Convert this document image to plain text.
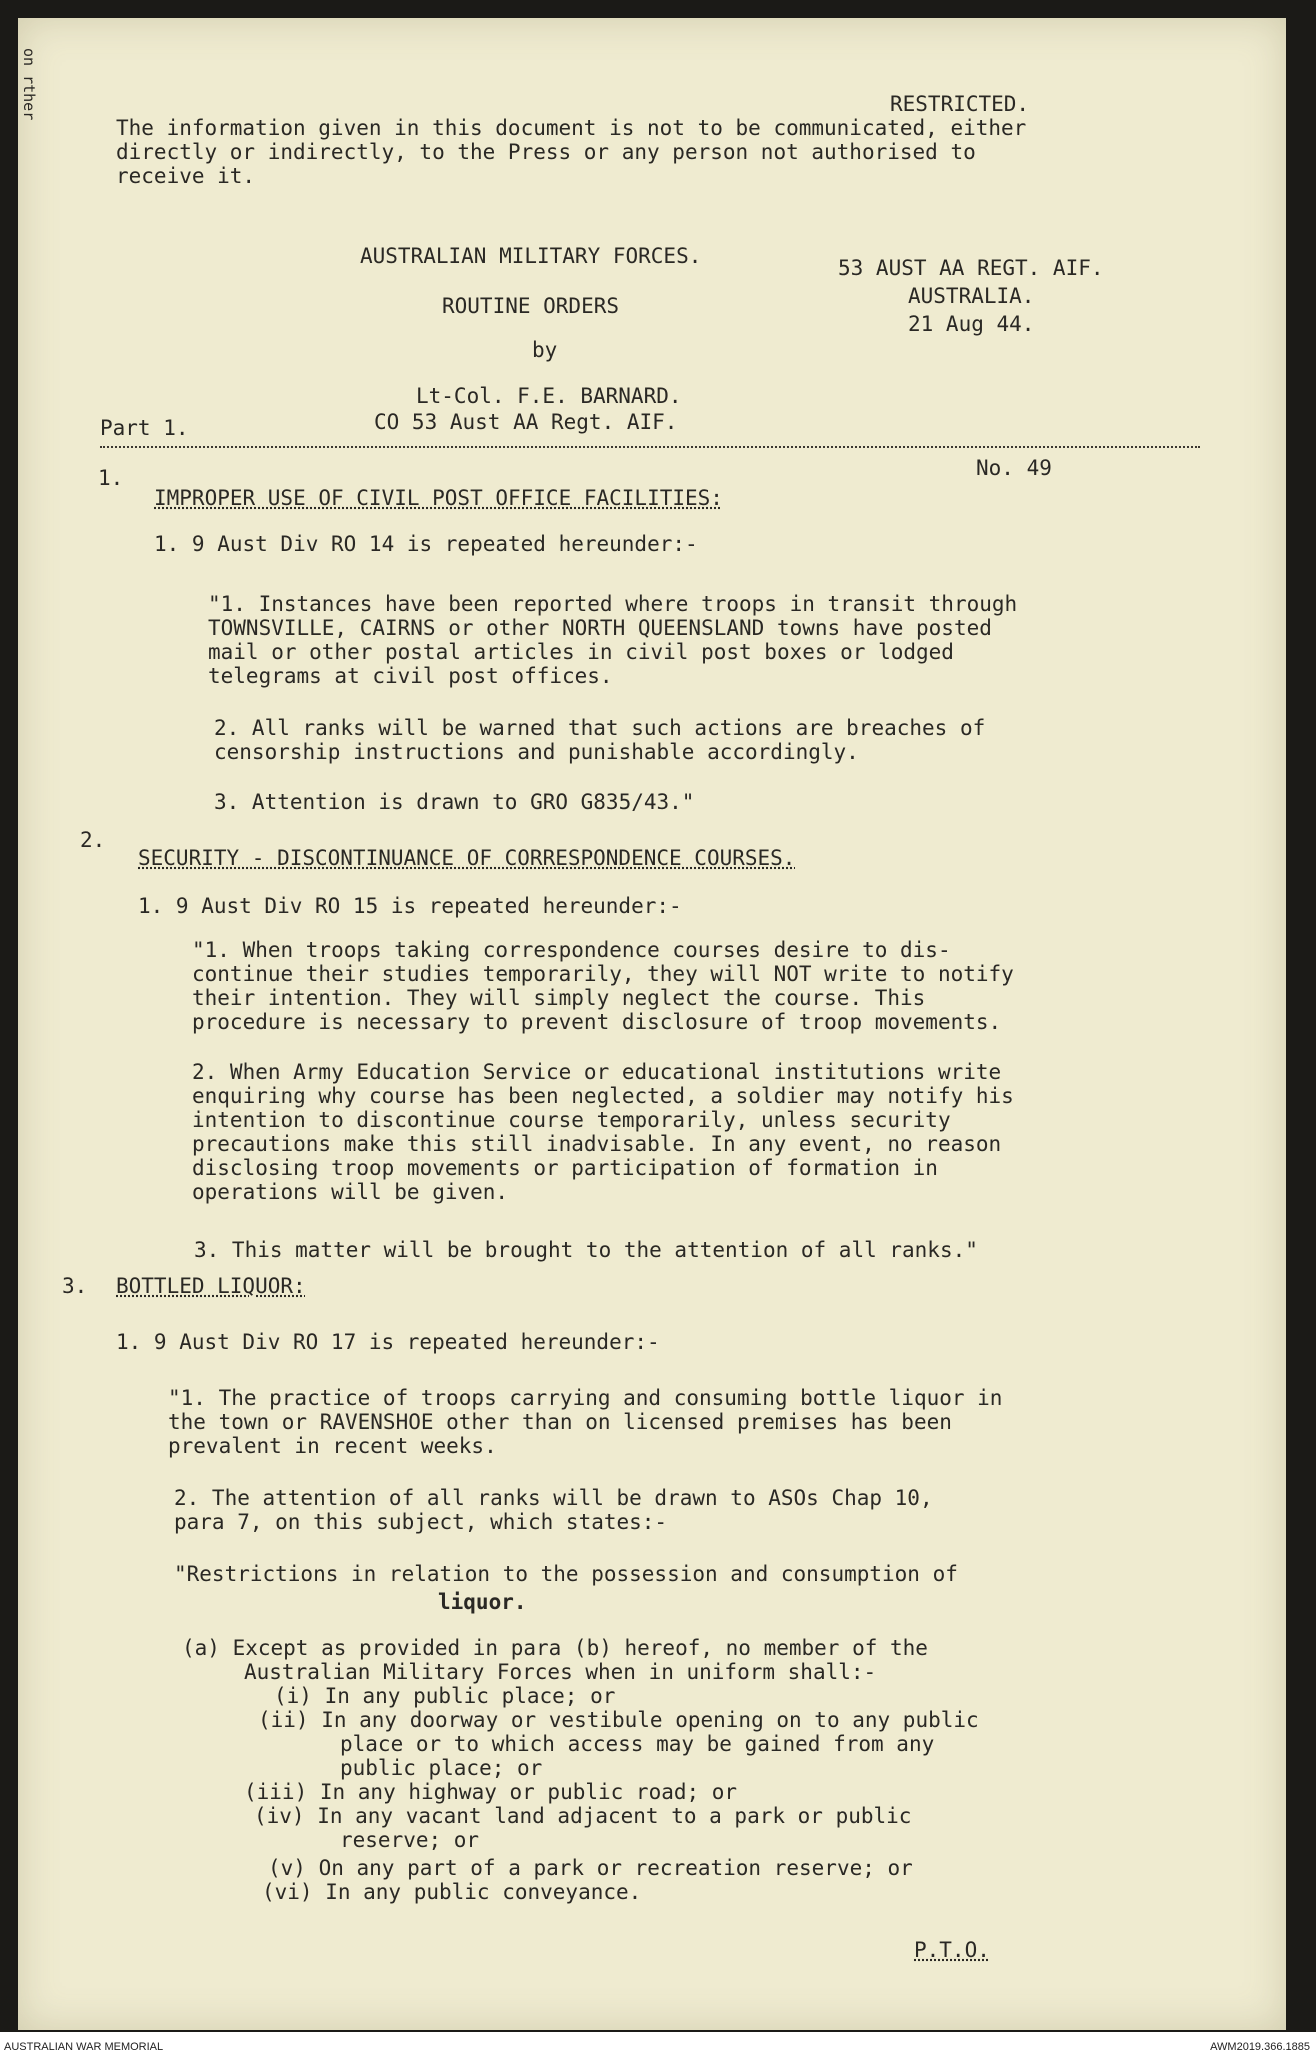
on rther
The information given in this document is not to be communicated, either
directly or indirectly, to the Press or any person not authorised to
receive it.
RESTRICTED.
AUSTRALIAN MILITARY FORCES.	53 AUST AA REGT. AIF.
AUSTRALIA.
21 Aug 44.
ROUTINE ORDERS
by
Lt-Col. F.E. BARNARD.
CO 53 Aust AA Regt. AIF.
Part 1.
No. 49
1.
IMPROPER USE OF CIVIL POST OFFICE FACILITIES:
1. 9 Aust Div RO 14 is repeated hereunder:-
"1. Instances have been reported where troops in transit through
TOWNSVILLE, CAIRNS or other NORTH QUEENSLAND towns have posted
mail or other postal articles in civil post boxes or lodged
telegrams at civil post offices.
2. All ranks will be warned that such actions are breaches of
censorship instructions and punishable accordingly.
3. Attention is drawn to GRO G835/43."
2.
SECURITY - DISCONTINUANCE OF CORRESPONDENCE COURSES.
1. 9 Aust Div RO 15 is repeated hereunder:-
"1. When troops taking correspondence courses desire to dis-
continue their studies temporarily, they will NOT write to notify
their intention. They will simply neglect the course. This
procedure is necessary to prevent disclosure of troop movements.
2. When Army Education Service or educational institutions write
enquiring why course has been neglected, a soldier may notify his
intention to discontinue course temporarily, unless security
precautions make this still inadvisable. In any event, no reason
disclosing troop movements or participation of formation in
operations will be given.
3. This matter will be brought to the attention of all ranks."
3. BOTTLED LIQUOR:
1. 9 Aust Div RO 17 is repeated hereunder:-
"1. The practice of troops carrying and consuming bottle liquor in
the town or RAVENSHOE other than on licensed premises has been
prevalent in recent weeks.
2. The attention of all ranks will be drawn to ASOs Chap 10,
para 7, on this subject, which states:-
"Restrictions in relation to the possession and consumption of
liquor.
(a) Except as provided in para (b) hereof, no member of the
Australian Military Forces when in uniform shall:-
(i) In any public place; or
(ii) In any doorway or vestibule opening on to any public
place or to which access may be gained from any
public place; or
(iii) In any highway or public road; or
(iv) In any vacant land adjacent to a park or public
reserve; or
(v) On any part of a park or recreation reserve; or
(vi) In any public conveyance.
P.T.O.
AUSTRALIAN WAR MEMORIAL	AWM2019.366.1885
